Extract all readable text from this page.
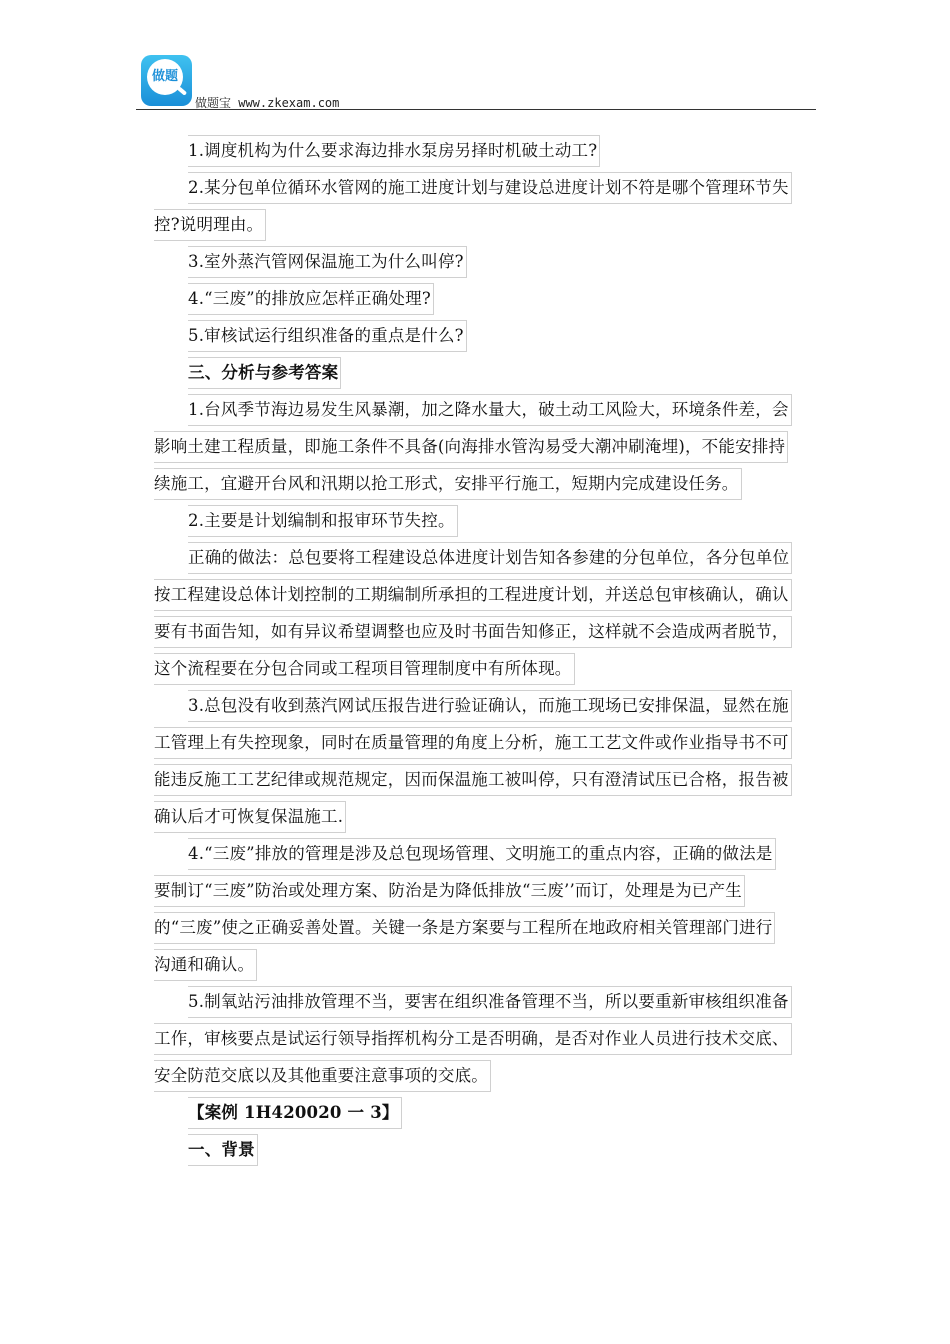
做题
做题宝 www.zkexam.com
1.调度机构为什么要求海边排水泵房另择时机破土动工?
2.某分包单位循环水管网的施工进度计划与建设总进度计划不符是哪个管理环节失
控?说明理由。
3.室外蒸汽管网保温施工为什么叫停?
4.“三废”的排放应怎样正确处理?
5.审核试运行组织准备的重点是什么?
三、分析与参考答案
1.台风季节海边易发生风暴潮，加之降水量大，破土动工风险大，环境条件差，会
影响土建工程质量，即施工条件不具备(向海排水管沟易受大潮冲刷淹埋)，不能安排持
续施工，宜避开台风和汛期以抢工形式，安排平行施工，短期内完成建设任务。
2.主要是计划编制和报审环节失控。
正确的做法：总包要将工程建设总体进度计划告知各参建的分包单位，各分包单位
按工程建设总体计划控制的工期编制所承担的工程进度计划，并送总包审核确认，确认
要有书面告知，如有异议希望调整也应及时书面告知修正，这样就不会造成两者脱节，
这个流程要在分包合同或工程项目管理制度中有所体现。
3.总包没有收到蒸汽网试压报告进行验证确认，而施工现场已安排保温，显然在施
工管理上有失控现象，同时在质量管理的角度上分析，施工工艺文件或作业指导书不可
能违反施工工艺纪律或规范规定，因而保温施工被叫停，只有澄清试压已合格，报告被
确认后才可恢复保温施工.
4.“三废”排放的管理是涉及总包现场管理、文明施工的重点内容，正确的做法是
要制订“三废”防治或处理方案、防治是为降低排放“三废’’而订，处理是为已产生
的“三废”使之正确妥善处置。关键一条是方案要与工程所在地政府相关管理部门进行
沟通和确认。
5.制氧站污油排放管理不当，要害在组织准备管理不当，所以要重新审核组织准备
工作，审核要点是试运行领导指挥机构分工是否明确，是否对作业人员进行技术交底、
安全防范交底以及其他重要注意事项的交底。
【案例 1H420020 一 3】
一、背景
